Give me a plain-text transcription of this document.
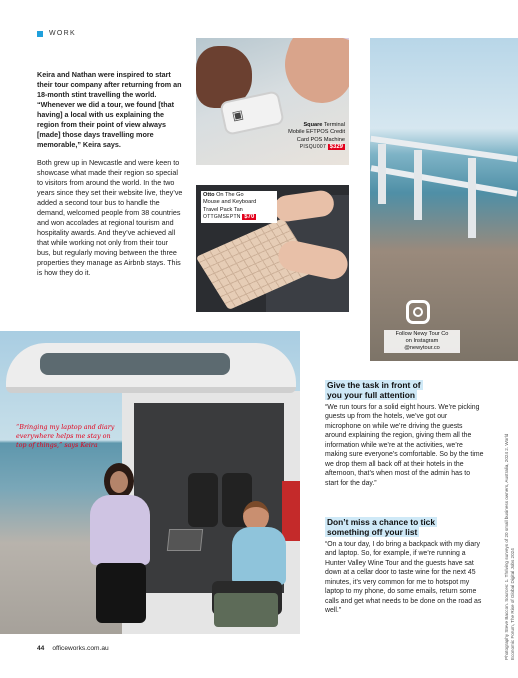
WORK

Keira and Nathan were inspired to start their tour company after returning from an 18-month stint travelling the world. “Whenever we did a tour, we found [that having] a local with us explaining the region from their point of view always [made] those days travelling more memorable,” Keira says.

Both grew up in Newcastle and were keen to showcase what made their region so special to visitors from around the world. In the two years since they set their website live, they’ve added a second tour bus to handle the demand, welcomed people from 38 countries and won accolades at regional tourism and hospitality awards. And they’ve achieved all that while working not only from their tour bus, but regularly moving between the three properties they manage as Airbnb stays. This is how they do it.

▣
Square Terminal
Mobile EFTPOS Credit
Card POS Machine
PISQU007 $329
Otto On The Go
Mouse and Keyboard
Travel Pack Tan
OTTGMSEPTN $70
Follow Newy Tour Co
on Instagram
@newytour.co

“Bringing my laptop and diary everywhere helps me stay on top of things,” says Keira

Give the task in front of
you your full attention

“We run tours for a solid eight hours. We’re picking guests up from the hotels, we’ve got our microphone on while we’re driving the guests around explaining the region, giving them all the information while we’re at the activities, we’re making sure everyone’s comfortable. So by the time we drop them all back off at their hotels in the afternoon, that’s when most of the admin has to start for the day.”

Don’t miss a chance to tick
something off your list

“On a tour day, I do bring a backpack with my diary and laptop. So, for example, if we’re running a Hunter Valley Wine Tour and the guests have sat down at a cellar door to taste wine for the next 45 minutes, it’s very common for me to hotspot my laptop to my phone, do some emails, return some calls and get what needs to be done on the road as well.”	Photography Steve Baccon. Sources: 1. Thriving surveys of 20 small business owners, Australia, 2024 2. World Economic Forum, The Rise of Global Digital Jobs 2024
44 officeworks.com.au
